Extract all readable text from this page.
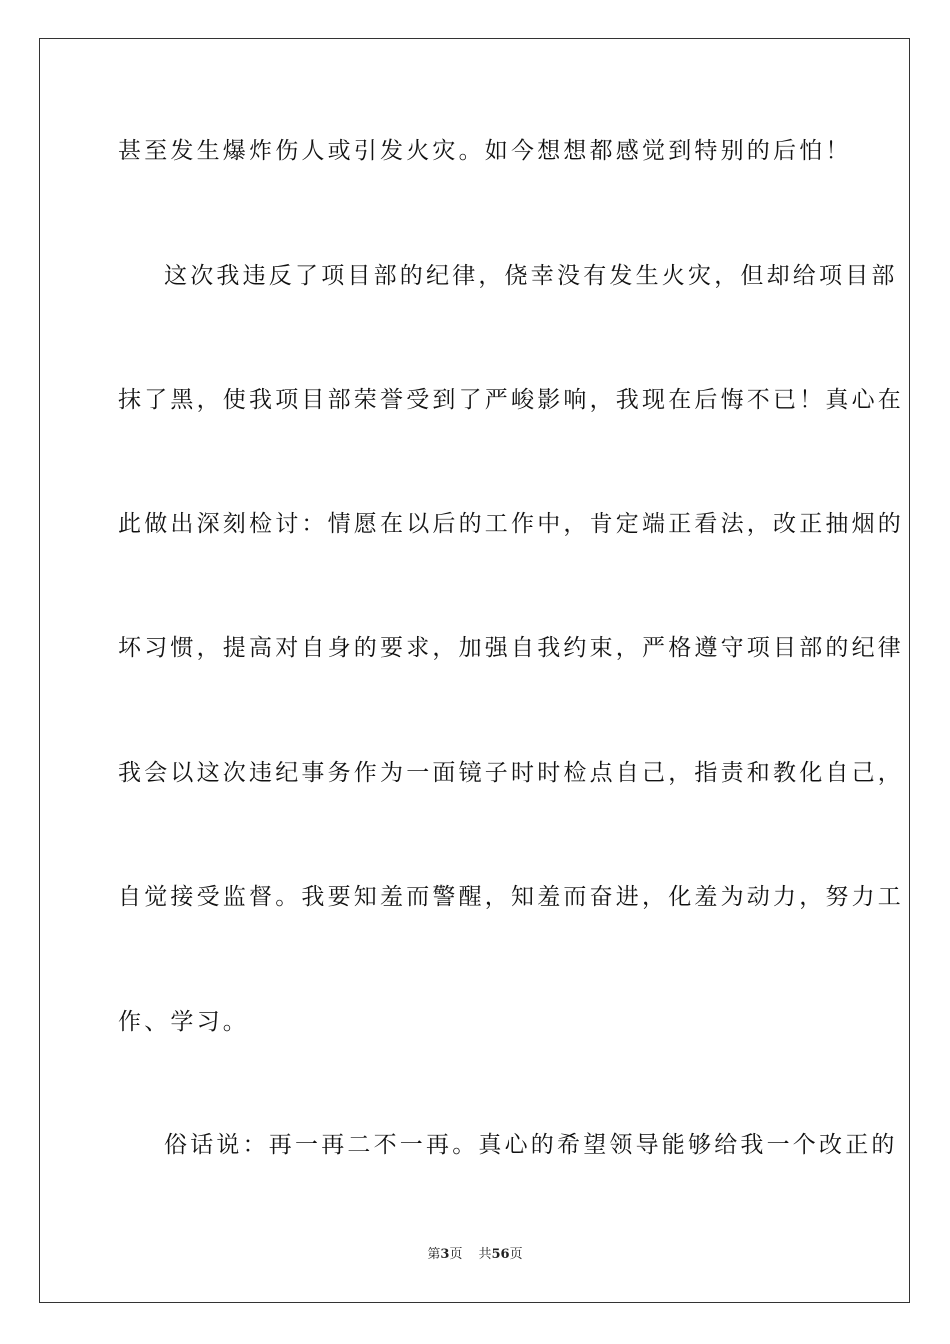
甚至发生爆炸伤人或引发火灾。如今想想都感觉到特别的后怕！
这次我违反了项目部的纪律，侥幸没有发生火灾，但却给项目部
抹了黑，使我项目部荣誉受到了严峻影响，我现在后悔不已！真心在
此做出深刻检讨：情愿在以后的工作中，肯定端正看法，改正抽烟的
坏习惯，提高对自身的要求，加强自我约束，严格遵守项目部的纪律
我会以这次违纪事务作为一面镜子时时检点自己，指责和教化自己，
自觉接受监督。我要知羞而警醒，知羞而奋进，化羞为动力，努力工
作、学习。
俗话说：再一再二不一再。真心的希望领导能够给我一个改正的
第3页 共56页
